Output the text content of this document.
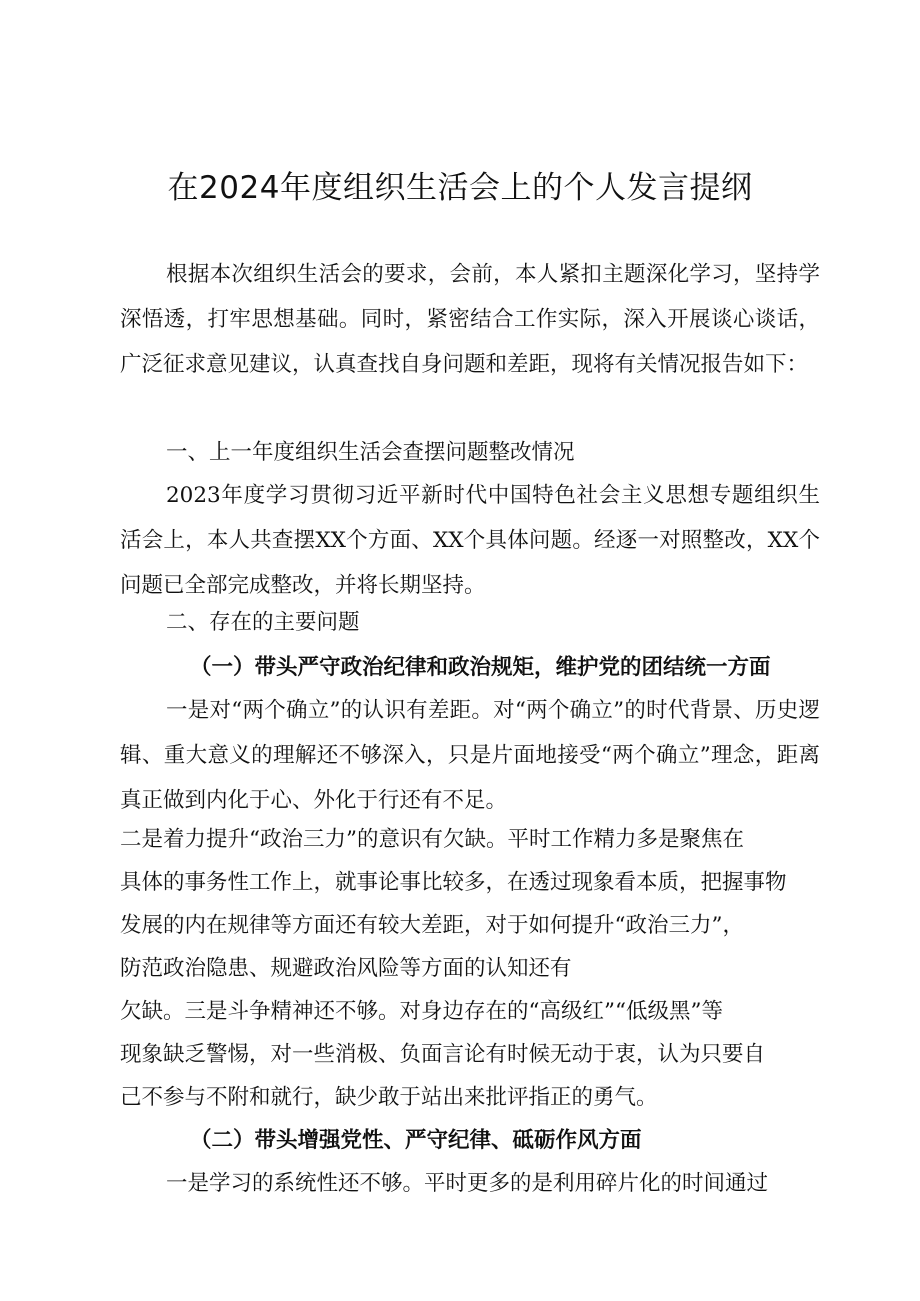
在2024年度组织生活会上的个人发言提纲

根据本次组织生活会的要求，会前，本人紧扣主题深化学习，坚持学深悟透，打牢思想基础。同时，紧密结合工作实际，深入开展谈心谈话，广泛征求意见建议，认真查找自身问题和差距，现将有关情况报告如下：

一、上一年度组织生活会查摆问题整改情况

2023年度学习贯彻习近平新时代中国特色社会主义思想专题组织生活会上，本人共查摆XX个方面、XX个具体问题。经逐一对照整改，XX个问题已全部完成整改，并将长期坚持。

二、存在的主要问题
（一）带头严守政治纪律和政治规矩，维护党的团结统一方面

一是对“两个确立”的认识有差距。对“两个确立”的时代背景、历史逻辑、重大意义的理解还不够深入，只是片面地接受“两个确立”理念，距离真正做到内化于心、外化于行还有不足。

二是着力提升“政治三力”的意识有欠缺。平时工作精力多是聚焦在
具体的事务性工作上，就事论事比较多，在透过现象看本质，把握事物
发展的内在规律等方面还有较大差距，对于如何提升“政治三力”，
防范政治隐患、规避政治风险等方面的认知还有
欠缺。三是斗争精神还不够。对身边存在的“高级红”“低级黑”等
现象缺乏警惕，对一些消极、负面言论有时候无动于衷，认为只要自
己不参与不附和就行，缺少敢于站出来批评指正的勇气。
（二）带头增强党性、严守纪律、砥砺作风方面
一是学习的系统性还不够。平时更多的是利用碎片化的时间通过
